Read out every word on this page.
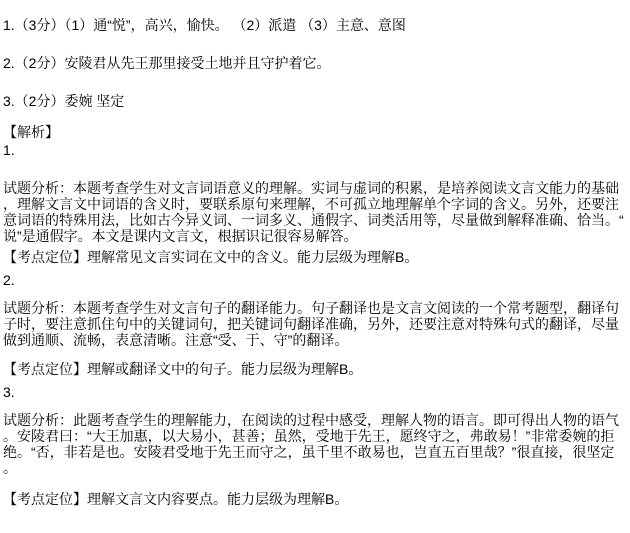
1.（3分）（1）通“悦”，高兴，愉快。 （2）派遣 （3）主意、意图
2.（2分）安陵君从先王那里接受土地并且守护着它。
3.（2分）委婉 坚定
【解析】
1.
试题分析：本题考查学生对文言词语意义的理解。实词与虚词的积累，是培养阅读文言文能力的基础，理解文言文中词语的含义时，要联系原句来理解，不可孤立地理解单个字词的含义。另外，还要注意词语的特殊用法，比如古今异义词、一词多义、通假字、词类活用等，尽量做到解释准确、恰当。“说”是通假字。本文是课内文言文，根据识记很容易解答。
【考点定位】理解常见文言实词在文中的含义。能力层级为理解B。
2.
试题分析：本题考查学生对文言句子的翻译能力。句子翻译也是文言文阅读的一个常考题型，翻译句子时，要注意抓住句中的关键词句，把关键词句翻译准确，另外，还要注意对特殊句式的翻译，尽量做到通顺、流畅，表意清晰。注意“受、于、守”的翻译。
【考点定位】理解或翻译文中的句子。能力层级为理解B。
3.
试题分析：此题考查学生的理解能力，在阅读的过程中感受，理解人物的语言。即可得出人物的语气。安陵君曰：“大王加惠，以大易小，甚善；虽然，受地于先王，愿终守之，弗敢易！”非常委婉的拒绝。“否，非若是也。安陵君受地于先王而守之，虽千里不敢易也，岂直五百里哉？”很直接，很坚定。
【考点定位】理解文言文内容要点。能力层级为理解B。
